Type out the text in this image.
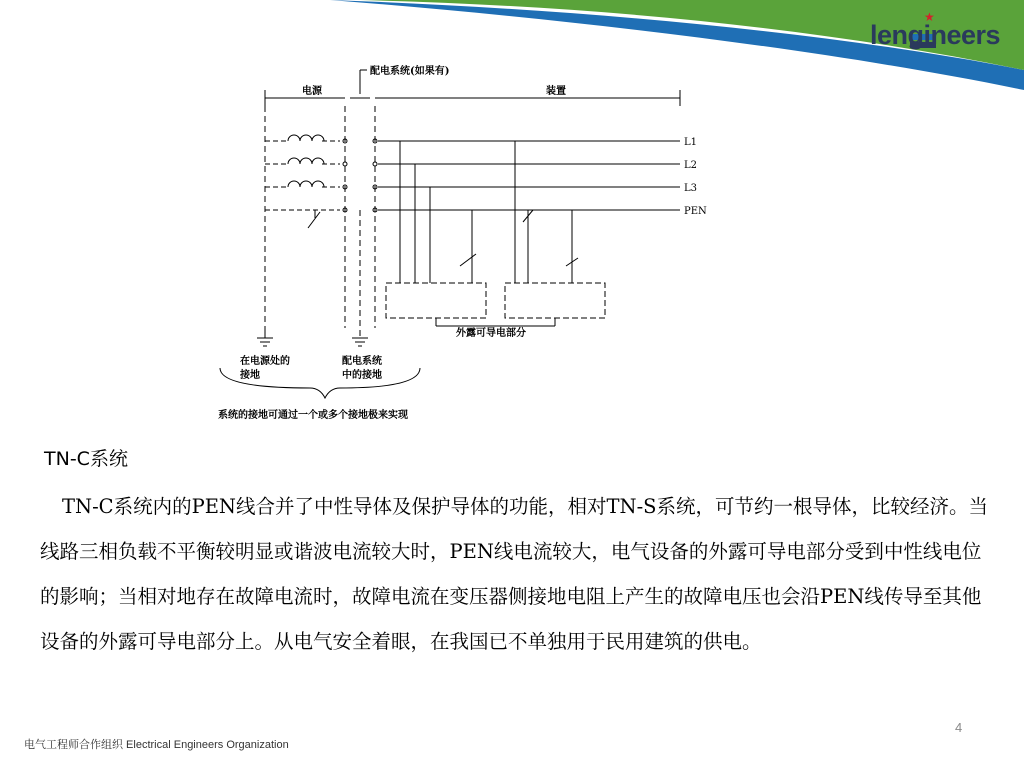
★
lengineers
配电系统(如果有)
电源	装置
L1
L2
L3
PEN
外露可导电部分
在电源处的
接地
配电系统
中的接地
系统的接地可通过一个或多个接地极来实现
TN-C系统
TN-C系统内的PEN线合并了中性导体及保护导体的功能，相对TN-S系统，可节约一根导体，比较经济。当线路三相负载不平衡较明显或谐波电流较大时，PEN线电流较大，电气设备的外露可导电部分受到中性线电位的影响；当相对地存在故障电流时，故障电流在变压器侧接地电阻上产生的故障电压也会沿PEN线传导至其他设备的外露可导电部分上。从电气安全着眼，在我国已不单独用于民用建筑的供电。
4
电气工程师合作组织 Electrical Engineers Organization
